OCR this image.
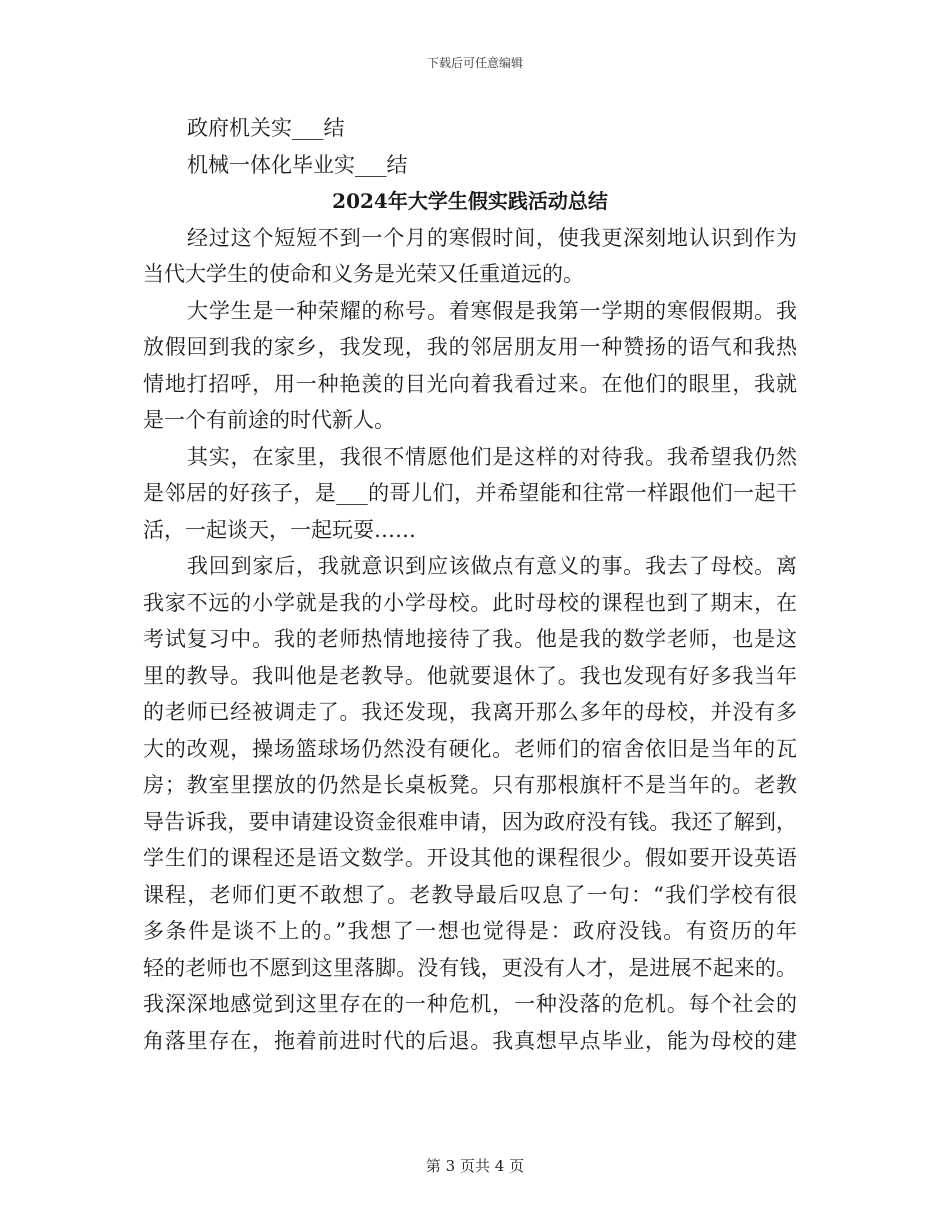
下载后可任意编辑
政府机关实___结
机械一体化毕业实___结
2024年大学生假实践活动总结
经过这个短短不到一个月的寒假时间，使我更深刻地认识到作为
当代大学生的使命和义务是光荣又任重道远的。
大学生是一种荣耀的称号。着寒假是我第一学期的寒假假期。我
放假回到我的家乡，我发现，我的邻居朋友用一种赞扬的语气和我热
情地打招呼，用一种艳羡的目光向着我看过来。在他们的眼里，我就
是一个有前途的时代新人。
其实，在家里，我很不情愿他们是这样的对待我。我希望我仍然
是邻居的好孩子，是___的哥儿们，并希望能和往常一样跟他们一起干
活，一起谈天，一起玩耍……
我回到家后，我就意识到应该做点有意义的事。我去了母校。离
我家不远的小学就是我的小学母校。此时母校的课程也到了期末，在
考试复习中。我的老师热情地接待了我。他是我的数学老师，也是这
里的教导。我叫他是老教导。他就要退休了。我也发现有好多我当年
的老师已经被调走了。我还发现，我离开那么多年的母校，并没有多
大的改观，操场篮球场仍然没有硬化。老师们的宿舍依旧是当年的瓦
房；教室里摆放的仍然是长桌板凳。只有那根旗杆不是当年的。老教
导告诉我，要申请建设资金很难申请，因为政府没有钱。我还了解到，
学生们的课程还是语文数学。开设其他的课程很少。假如要开设英语
课程，老师们更不敢想了。老教导最后叹息了一句：“我们学校有很
多条件是谈不上的。”我想了一想也觉得是：政府没钱。有资历的年
轻的老师也不愿到这里落脚。没有钱，更没有人才，是进展不起来的。
我深深地感觉到这里存在的一种危机，一种没落的危机。每个社会的
角落里存在，拖着前进时代的后退。我真想早点毕业，能为母校的建
第 3 页共 4 页
